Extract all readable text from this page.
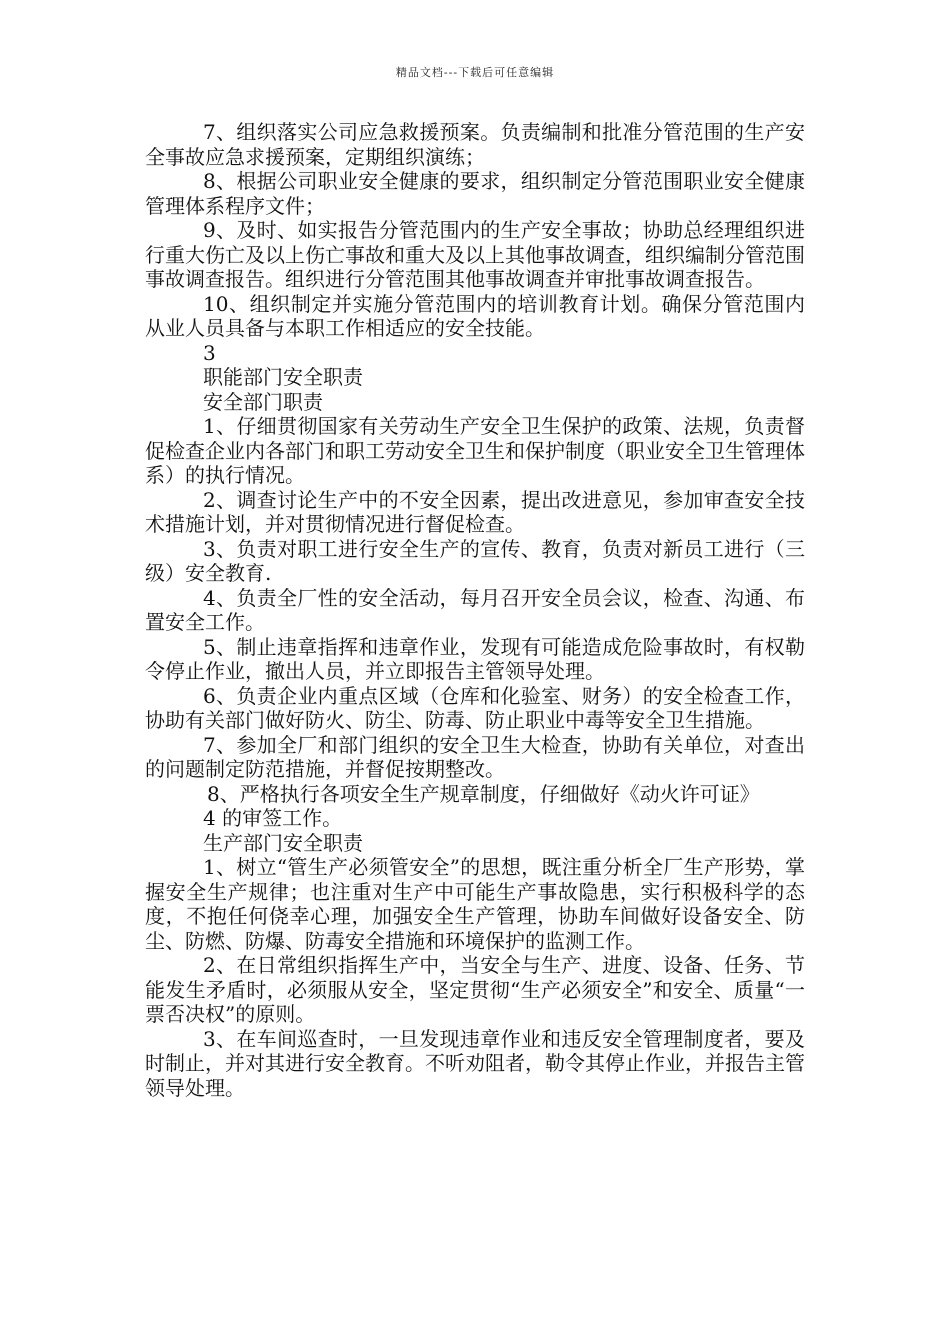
精品文档---下载后可任意编辑

7、组织落实公司应急救援预案。负责编制和批准分管范围的生产安全事故应急求援预案，定期组织演练；

8、根据公司职业安全健康的要求，组织制定分管范围职业安全健康管理体系程序文件；

9、及时、如实报告分管范围内的生产安全事故；协助总经理组织进行重大伤亡及以上伤亡事故和重大及以上其他事故调查，组织编制分管范围事故调查报告。组织进行分管范围其他事故调查并审批事故调查报告。

10、组织制定并实施分管范围内的培训教育计划。确保分管范围内从业人员具备与本职工作相适应的安全技能。

3

职能部门安全职责

安全部门职责

1、仔细贯彻国家有关劳动生产安全卫生保护的政策、法规，负责督促检查企业内各部门和职工劳动安全卫生和保护制度（职业安全卫生管理体系）的执行情况。

2、调查讨论生产中的不安全因素，提出改进意见，参加审查安全技术措施计划，并对贯彻情况进行督促检查。

3、负责对职工进行安全生产的宣传、教育，负责对新员工进行（三级）安全教育.

4、负责全厂性的安全活动，每月召开安全员会议，检查、沟通、布置安全工作。

5、制止违章指挥和违章作业，发现有可能造成危险事故时，有权勒令停止作业，撤出人员，并立即报告主管领导处理。

6、负责企业内重点区域（仓库和化验室、财务）的安全检查工作，协助有关部门做好防火、防尘、防毒、防止职业中毒等安全卫生措施。

7、参加全厂和部门组织的安全卫生大检查，协助有关单位，对查出的问题制定防范措施，并督促按期整改。

8、严格执行各项安全生产规章制度，仔细做好《动火许可证》

4 的审签工作。

生产部门安全职责

1、树立“管生产必须管安全”的思想，既注重分析全厂生产形势，掌握安全生产规律；也注重对生产中可能生产事故隐患，实行积极科学的态度，不抱任何侥幸心理，加强安全生产管理，协助车间做好设备安全、防尘、防燃、防爆、防毒安全措施和环境保护的监测工作。

2、在日常组织指挥生产中，当安全与生产、进度、设备、任务、节能发生矛盾时，必须服从安全，坚定贯彻“生产必须安全”和安全、质量“一票否决权”的原则。

3、在车间巡查时，一旦发现违章作业和违反安全管理制度者，要及时制止，并对其进行安全教育。不听劝阻者，勒令其停止作业，并报告主管领导处理。
